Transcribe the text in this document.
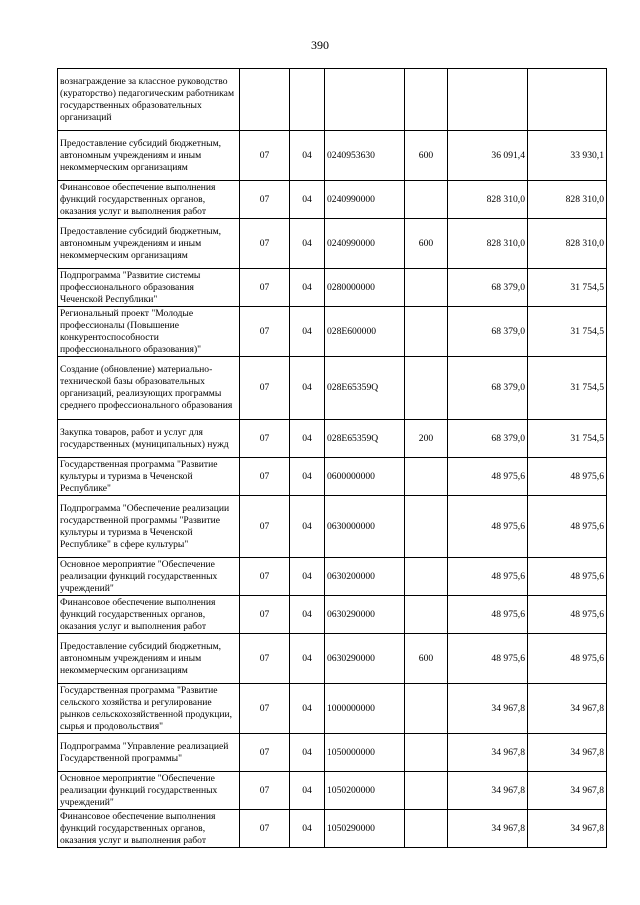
390
вознаграждение за классное руководство (кураторство) педагогическим работникам государственных образовательных организаций						
Предоставление субсидий бюджетным, автономным учреждениям и иным некоммерческим организациям	07	04	0240953630	600	36 091,4	33 930,1
Финансовое обеспечение выполнения функций государственных органов, оказания услуг и выполнения работ	07	04	0240990000		828 310,0	828 310,0
Предоставление субсидий бюджетным, автономным учреждениям и иным некоммерческим организациям	07	04	0240990000	600	828 310,0	828 310,0
Подпрограмма "Развитие системы профессионального образования Чеченской Республики"	07	04	0280000000		68 379,0	31 754,5
Региональный проект "Молодые профессионалы (Повышение конкурентоспособности профессионального образования)"	07	04	028E600000		68 379,0	31 754,5
Создание (обновление) материально-технической базы образовательных организаций, реализующих программы среднего профессионального образования	07	04	028E65359Q		68 379,0	31 754,5
Закупка товаров, работ и услуг для государственных (муниципальных) нужд	07	04	028E65359Q	200	68 379,0	31 754,5
Государственная программа "Развитие культуры и туризма в Чеченской Республике"	07	04	0600000000		48 975,6	48 975,6
Подпрограмма "Обеспечение реализации государственной программы "Развитие культуры и туризма в Чеченской Республике" в сфере культуры"	07	04	0630000000		48 975,6	48 975,6
Основное мероприятие "Обеспечение реализации функций государственных учреждений"	07	04	0630200000		48 975,6	48 975,6
Финансовое обеспечение выполнения функций государственных органов, оказания услуг и выполнения работ	07	04	0630290000		48 975,6	48 975,6
Предоставление субсидий бюджетным, автономным учреждениям и иным некоммерческим организациям	07	04	0630290000	600	48 975,6	48 975,6
Государственная программа "Развитие сельского хозяйства и регулирование рынков сельскохозяйственной продукции, сырья и продовольствия"	07	04	1000000000		34 967,8	34 967,8
Подпрограмма "Управление реализацией Государственной программы"	07	04	1050000000		34 967,8	34 967,8
Основное мероприятие "Обеспечение реализации функций государственных учреждений"	07	04	1050200000		34 967,8	34 967,8
Финансовое обеспечение выполнения функций государственных органов, оказания услуг и выполнения работ	07	04	1050290000		34 967,8	34 967,8
